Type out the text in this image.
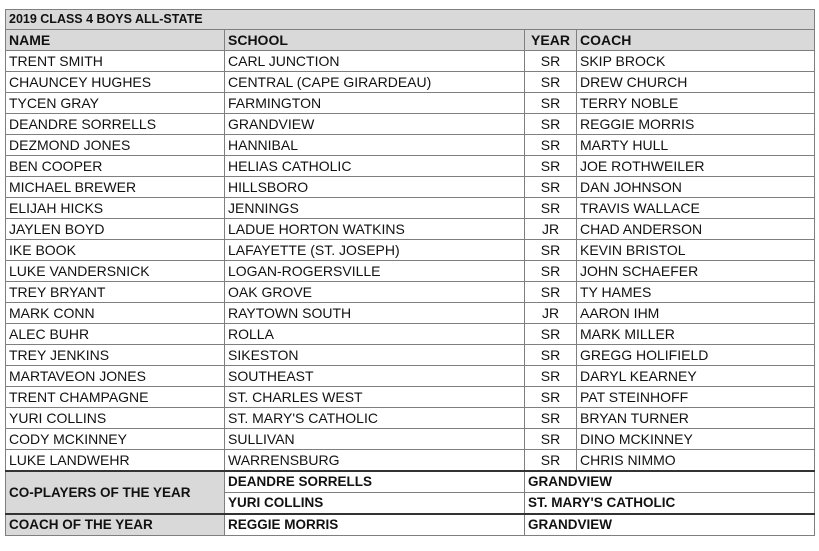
2019 CLASS 4 BOYS ALL-STATE			
NAME	SCHOOL	YEAR	COACH
TRENT SMITH	CARL JUNCTION	SR	SKIP BROCK
CHAUNCEY HUGHES	CENTRAL (CAPE GIRARDEAU)	SR	DREW CHURCH
TYCEN GRAY	FARMINGTON	SR	TERRY NOBLE
DEANDRE SORRELLS	GRANDVIEW	SR	REGGIE MORRIS
DEZMOND JONES	HANNIBAL	SR	MARTY HULL
BEN COOPER	HELIAS CATHOLIC	SR	JOE ROTHWEILER
MICHAEL BREWER	HILLSBORO	SR	DAN JOHNSON
ELIJAH HICKS	JENNINGS	SR	TRAVIS WALLACE
JAYLEN BOYD	LADUE HORTON WATKINS	JR	CHAD ANDERSON
IKE BOOK	LAFAYETTE (ST. JOSEPH)	SR	KEVIN BRISTOL
LUKE VANDERSNICK	LOGAN-ROGERSVILLE	SR	JOHN SCHAEFER
TREY BRYANT	OAK GROVE	SR	TY HAMES
MARK CONN	RAYTOWN SOUTH	JR	AARON IHM
ALEC BUHR	ROLLA	SR	MARK MILLER
TREY JENKINS	SIKESTON	SR	GREGG HOLIFIELD
MARTAVEON JONES	SOUTHEAST	SR	DARYL KEARNEY
TRENT CHAMPAGNE	ST. CHARLES WEST	SR	PAT STEINHOFF
YURI COLLINS	ST. MARY'S CATHOLIC	SR	BRYAN TURNER
CODY MCKINNEY	SULLIVAN	SR	DINO MCKINNEY
LUKE LANDWEHR	WARRENSBURG	SR	CHRIS NIMMO
CO-PLAYERS OF THE YEAR	DEANDRE SORRELLS	GRANDVIEW	
	YURI COLLINS	ST. MARY'S CATHOLIC	
COACH OF THE YEAR	REGGIE MORRIS	GRANDVIEW	
